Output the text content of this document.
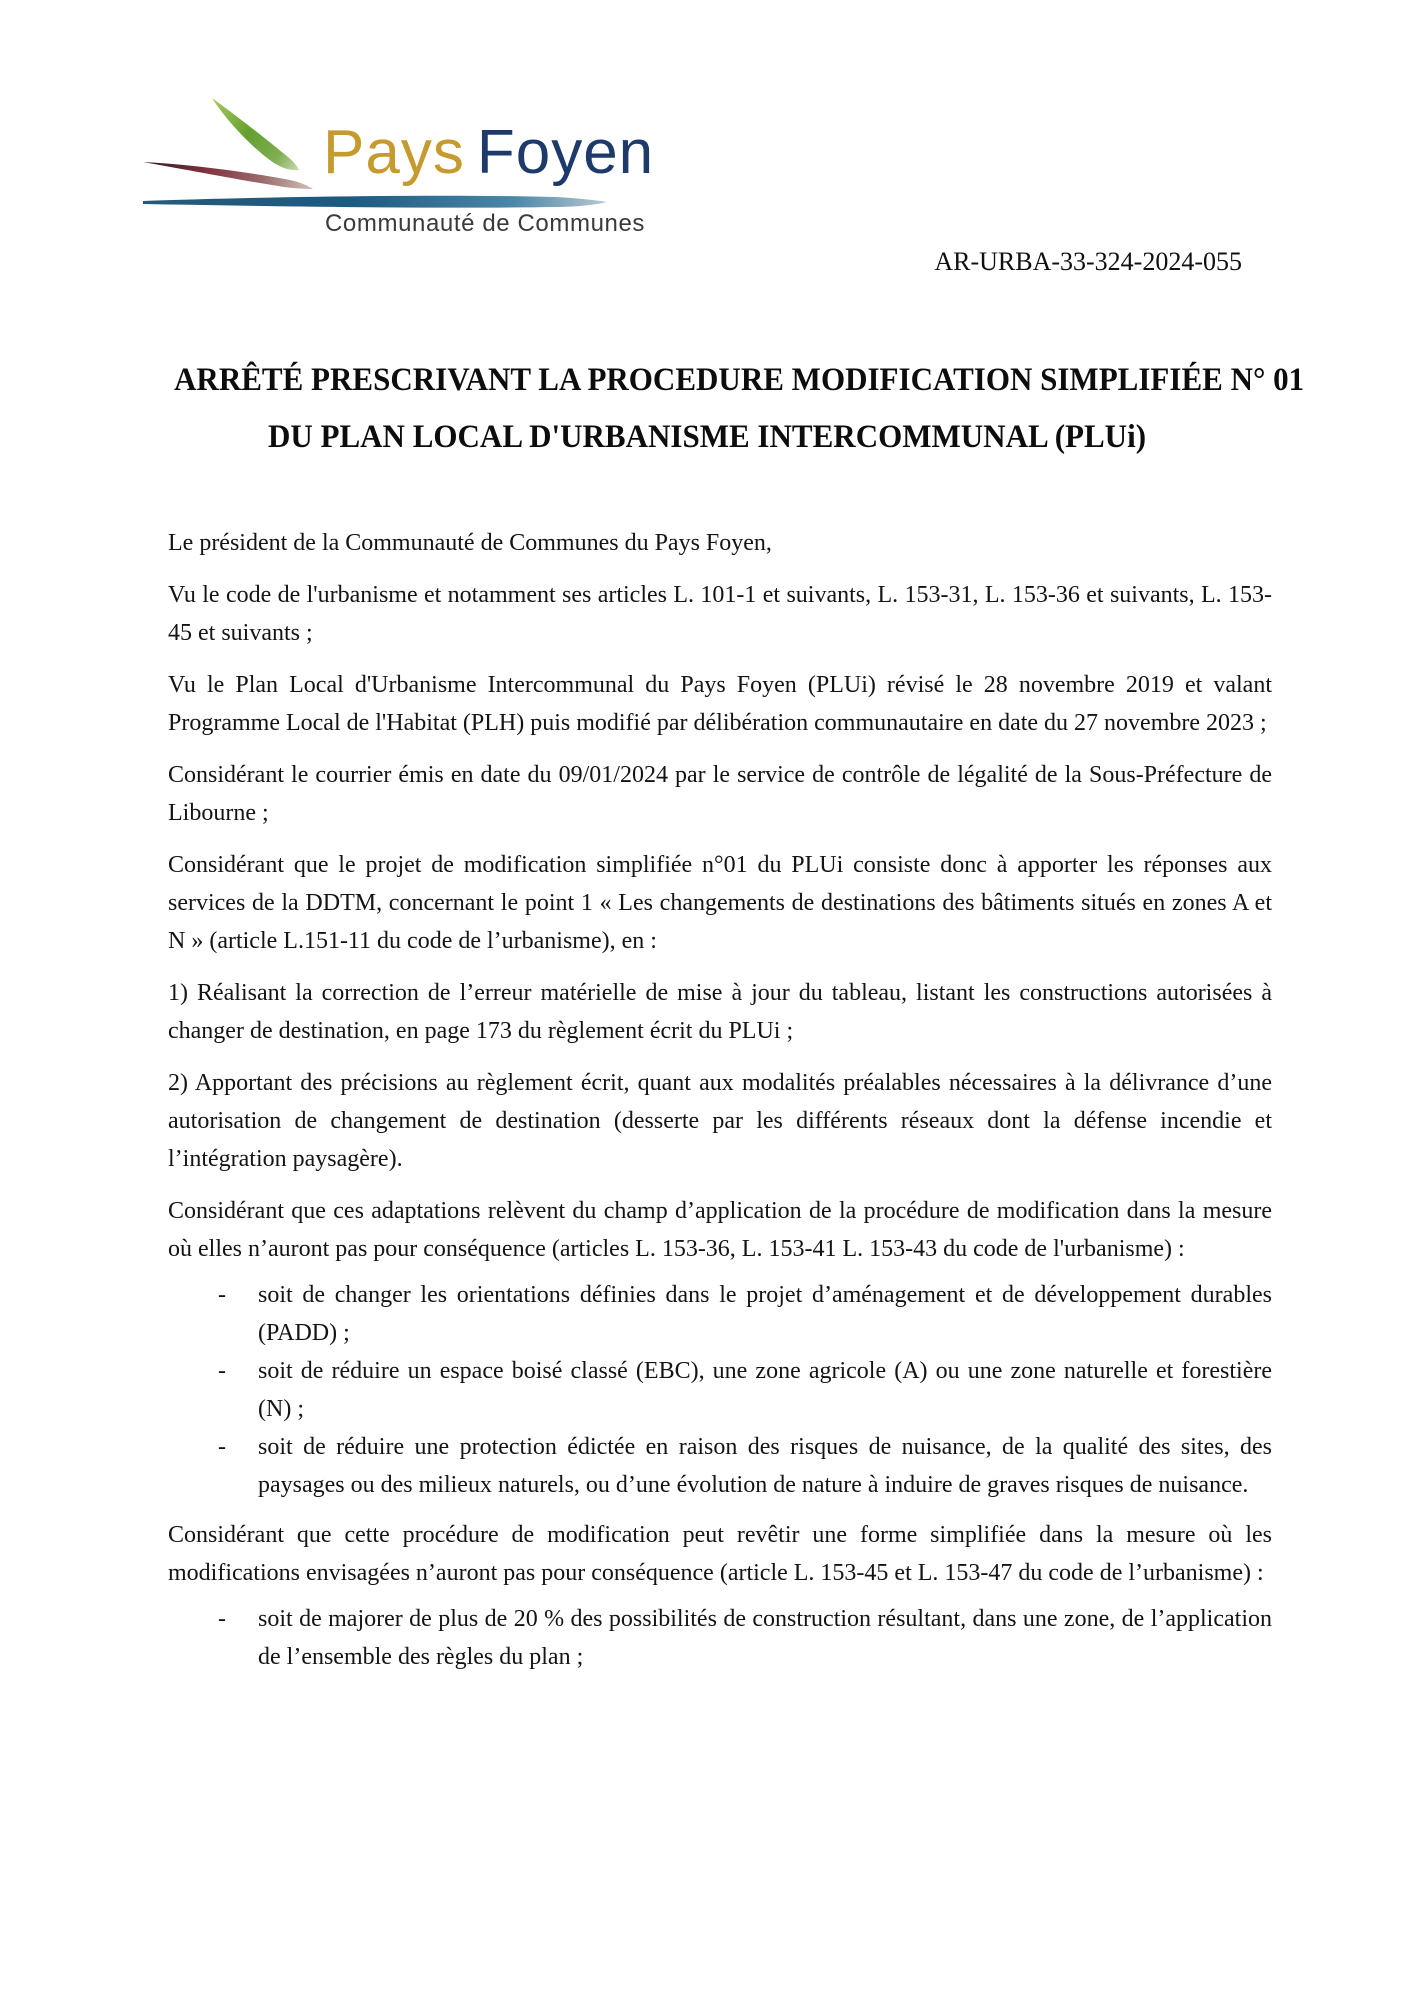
Pays Foyen
Communauté de Communes
AR-URBA-33-324-2024-055
ARRÊTÉ PRESCRIVANT LA PROCEDURE MODIFICATION SIMPLIFIÉE N° 01
DU PLAN LOCAL D'URBANISME INTERCOMMUNAL (PLUi)

Le président de la Communauté de Communes du Pays Foyen,

Vu le code de l'urbanisme et notamment ses articles L. 101-1 et suivants, L. 153-31, L. 153-36 et suivants, L. 153-45 et suivants ;

Vu le Plan Local d'Urbanisme Intercommunal du Pays Foyen (PLUi) révisé le 28 novembre 2019 et valant Programme Local de l'Habitat (PLH) puis modifié par délibération communautaire en date du 27 novembre 2023 ;

Considérant le courrier émis en date du 09/01/2024 par le service de contrôle de légalité de la Sous-Préfecture de Libourne ;

Considérant que le projet de modification simplifiée n°01 du PLUi consiste donc à apporter les réponses aux services de la DDTM, concernant le point 1 « Les changements de destinations des bâtiments situés en zones A et N » (article L.151-11 du code de l’urbanisme), en :

1) Réalisant la correction de l’erreur matérielle de mise à jour du tableau, listant les constructions autorisées à changer de destination, en page 173 du règlement écrit du PLUi ;

2) Apportant des précisions au règlement écrit, quant aux modalités préalables nécessaires à la délivrance d’une autorisation de changement de destination (desserte par les différents réseaux dont la défense incendie et l’intégration paysagère).

Considérant que ces adaptations relèvent du champ d’application de la procédure de modification dans la mesure où elles n’auront pas pour conséquence (articles L. 153-36, L. 153-41 L. 153-43 du code de l'urbanisme) :

- soit de changer les orientations définies dans le projet d’aménagement et de développement durables (PADD) ;
- soit de réduire un espace boisé classé (EBC), une zone agricole (A) ou une zone naturelle et forestière (N) ;
- soit de réduire une protection édictée en raison des risques de nuisance, de la qualité des sites, des paysages ou des milieux naturels, ou d’une évolution de nature à induire de graves risques de nuisance.

Considérant que cette procédure de modification peut revêtir une forme simplifiée dans la mesure où les modifications envisagées n’auront pas pour conséquence (article L. 153-45 et L. 153-47 du code de l’urbanisme) :

- soit de majorer de plus de 20 % des possibilités de construction résultant, dans une zone, de l’application de l’ensemble des règles du plan ;
